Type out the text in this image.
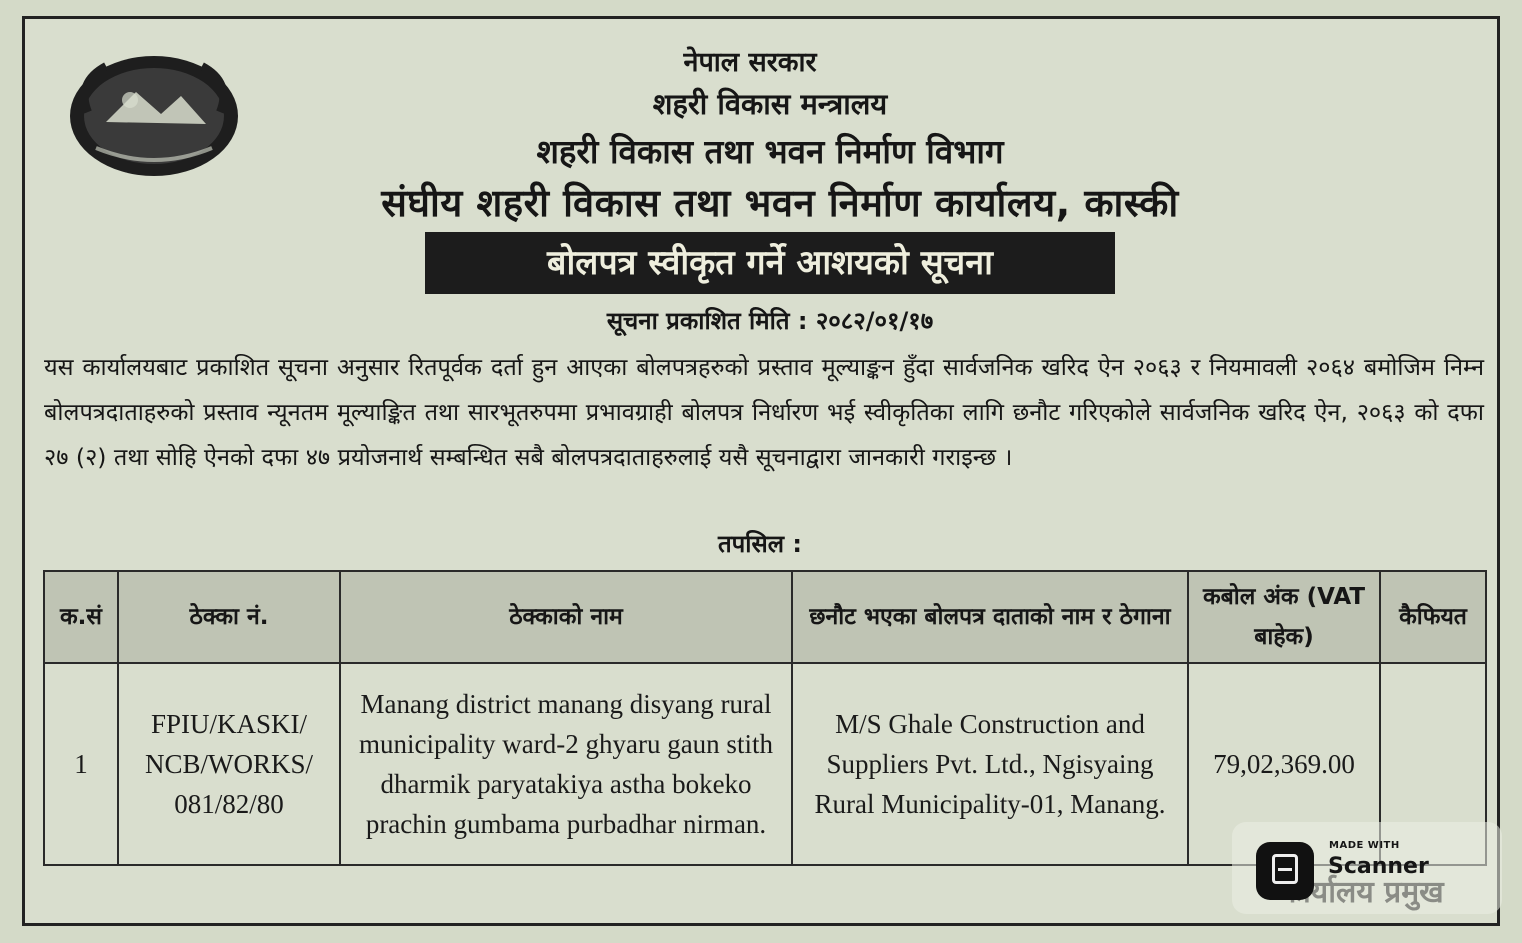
नेपाल सरकार
शहरी विकास मन्त्रालय
शहरी विकास तथा भवन निर्माण विभाग
संघीय शहरी विकास तथा भवन निर्माण कार्यालय, कास्की
बोलपत्र स्वीकृत गर्ने आशयको सूचना
सूचना प्रकाशित मिति : २०८२/०१/१७
यस कार्यालयबाट प्रकाशित सूचना अनुसार रितपूर्वक दर्ता हुन आएका बोलपत्रहरुको प्रस्ताव मूल्याङ्कन हुँदा सार्वजनिक खरिद ऐन २०६३ र नियमावली २०६४ बमोजिम निम्न बोलपत्रदाताहरुको प्रस्ताव न्यूनतम मूल्याङ्कित तथा सारभूतरुपमा प्रभावग्राही बोलपत्र निर्धारण भई स्वीकृतिका लागि छनौट गरिएकोले सार्वजनिक खरिद ऐन, २०६३ को दफा २७ (२) तथा सोहि ऐनको दफा ४७ प्रयोजनार्थ सम्बन्धित सबै बोलपत्रदाताहरुलाई यसै सूचनाद्वारा जानकारी गराइन्छ ।
तपसिल :
क.सं	ठेक्का नं.	ठेक्काको नाम	छनौट भएका बोलपत्र दाताको नाम र ठेगाना	कबोल अंक (VAT बाहेक)	कैफियत
1	FPIU/KASKI/ NCB/WORKS/ 081/82/80	Manang district manang disyang rural municipality ward-2 ghyaru gaun stith dharmik paryatakiya astha bokeko prachin gumbama purbadhar nirman.	M/S Ghale Construction and Suppliers Pvt. Ltd., Ngisyaing Rural Municipality-01, Manang.	79,02,369.00	
MADE WITH
Scanner
